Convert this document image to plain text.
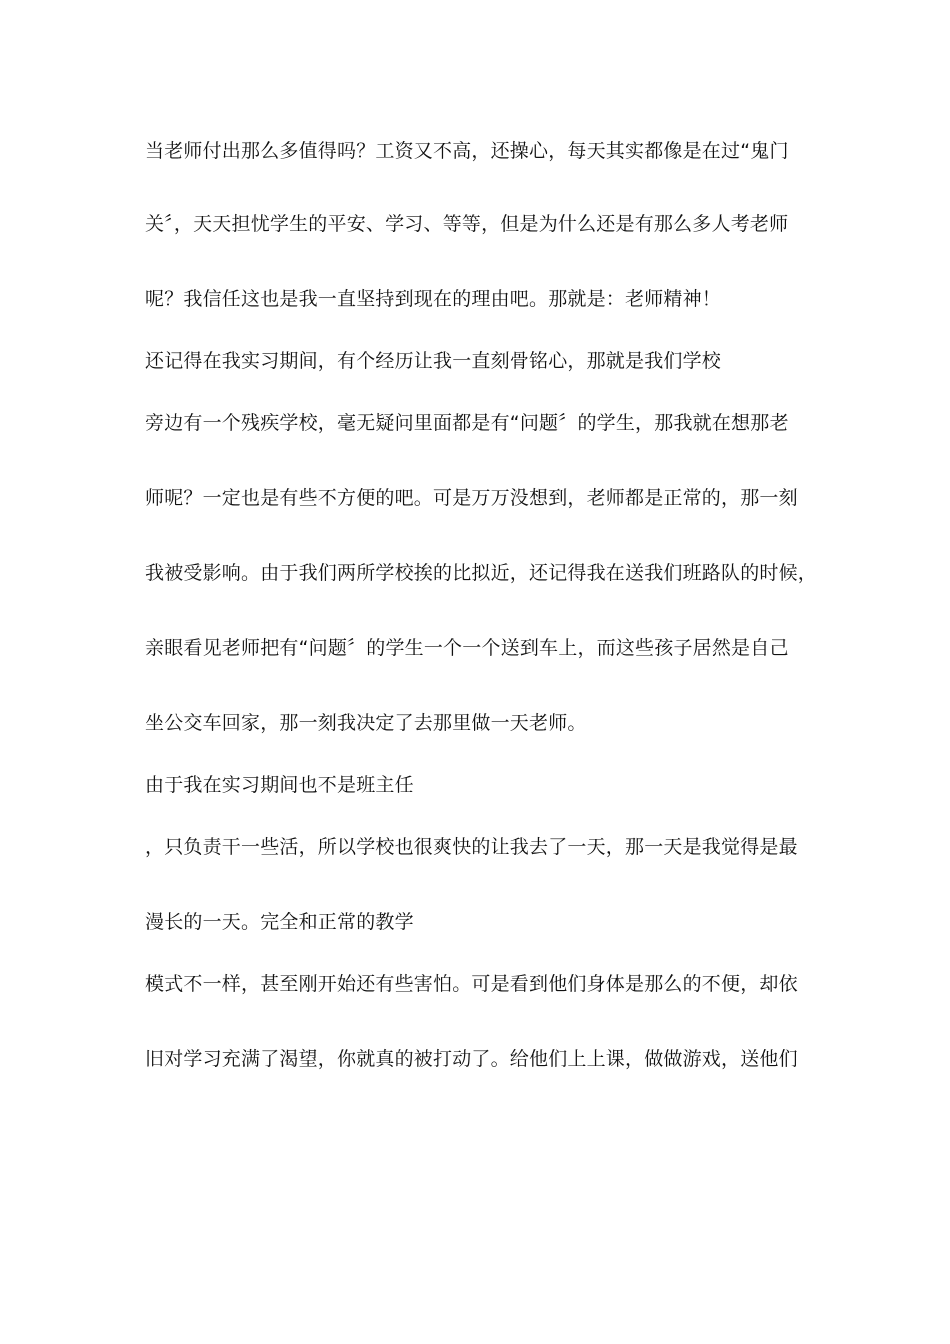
当老师付出那么多值得吗？工资又不高，还操心，每天其实都像是在过“鬼门
关〞，天天担忧学生的平安、学习、等等，但是为什么还是有那么多人考老师
呢？我信任这也是我一直坚持到现在的理由吧。那就是：老师精神！
还记得在我实习期间，有个经历让我一直刻骨铭心，那就是我们学校
旁边有一个残疾学校，毫无疑问里面都是有“问题〞的学生，那我就在想那老
师呢？一定也是有些不方便的吧。可是万万没想到，老师都是正常的，那一刻
我被受影响。由于我们两所学校挨的比拟近，还记得我在送我们班路队的时候，
亲眼看见老师把有“问题〞的学生一个一个送到车上，而这些孩子居然是自己
坐公交车回家，那一刻我决定了去那里做一天老师。
由于我在实习期间也不是班主任
，只负责干一些活，所以学校也很爽快的让我去了一天，那一天是我觉得是最
漫长的一天。完全和正常的教学
模式不一样，甚至刚开始还有些害怕。可是看到他们身体是那么的不便，却依
旧对学习充满了渴望，你就真的被打动了。给他们上上课，做做游戏，送他们
